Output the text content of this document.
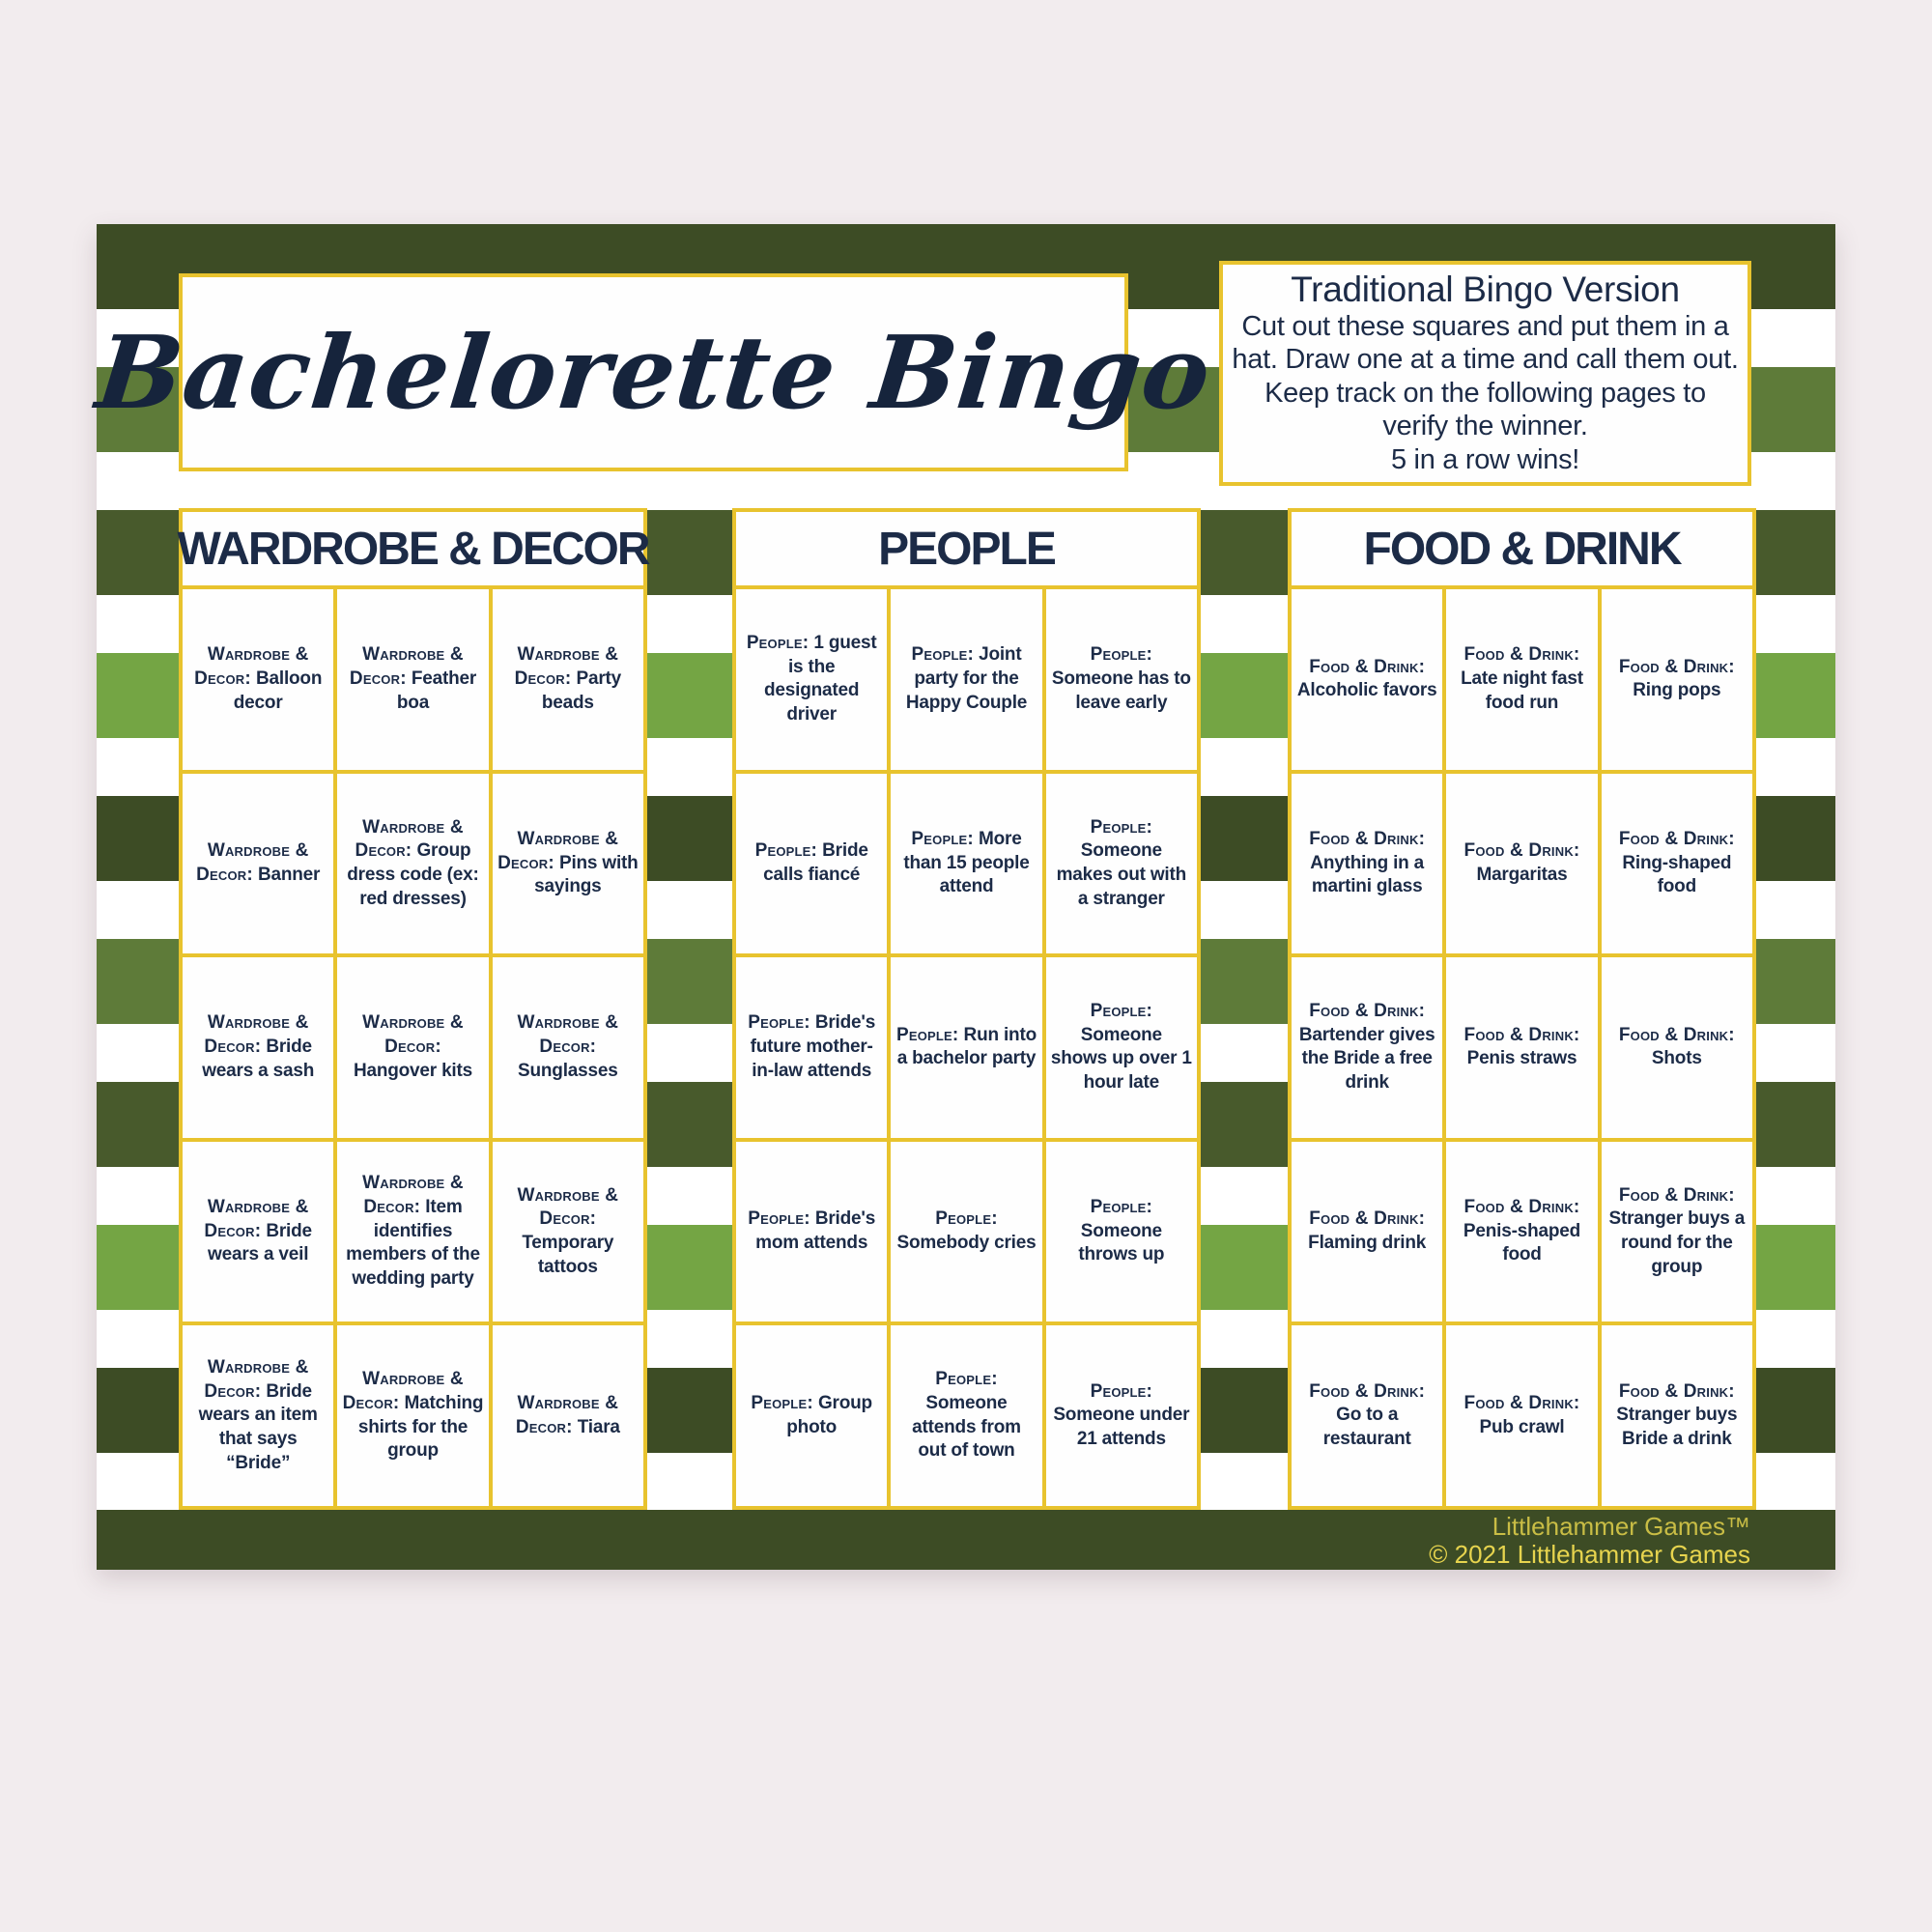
Bachelorette Bingo
Traditional Bingo Version
Cut out these squares and put them in a hat. Draw one at a time and call them out. Keep track on the following pages to verify the winner.
5 in a row wins!
WARDROBE & DECOR
Wardrobe & Decor: Balloon decor
Wardrobe & Decor: Feather boa
Wardrobe & Decor: Party beads
Wardrobe & Decor: Banner
Wardrobe & Decor: Group dress code (ex: red dresses)
Wardrobe & Decor: Pins with sayings
Wardrobe & Decor: Bride wears a sash
Wardrobe & Decor: Hangover kits
Wardrobe & Decor: Sunglasses
Wardrobe & Decor: Bride wears a veil
Wardrobe & Decor: Item identifies members of the wedding party
Wardrobe & Decor: Temporary tattoos
Wardrobe & Decor: Bride wears an item that says “Bride”
Wardrobe & Decor: Matching shirts for the group
Wardrobe & Decor: Tiara
PEOPLE
People: 1 guest is the designated driver
People: Joint party for the Happy Couple
People: Someone has to leave early
People: Bride calls fiancé
People: More than 15 people attend
People: Someone makes out with a stranger
People: Bride's future mother-in-law attends
People: Run into a bachelor party
People: Someone shows up over 1 hour late
People: Bride's mom attends
People: Somebody cries
People: Someone throws up
People: Group photo
People: Someone attends from out of town
People: Someone under 21 attends
FOOD & DRINK
Food & Drink: Alcoholic favors
Food & Drink: Late night fast food run
Food & Drink: Ring pops
Food & Drink: Anything in a martini glass
Food & Drink: Margaritas
Food & Drink: Ring-shaped food
Food & Drink: Bartender gives the Bride a free drink
Food & Drink: Penis straws
Food & Drink: Shots
Food & Drink: Flaming drink
Food & Drink: Penis-shaped food
Food & Drink: Stranger buys a round for the group
Food & Drink: Go to a restaurant
Food & Drink: Pub crawl
Food & Drink: Stranger buys Bride a drink
Littlehammer Games™
© 2021 Littlehammer Games
